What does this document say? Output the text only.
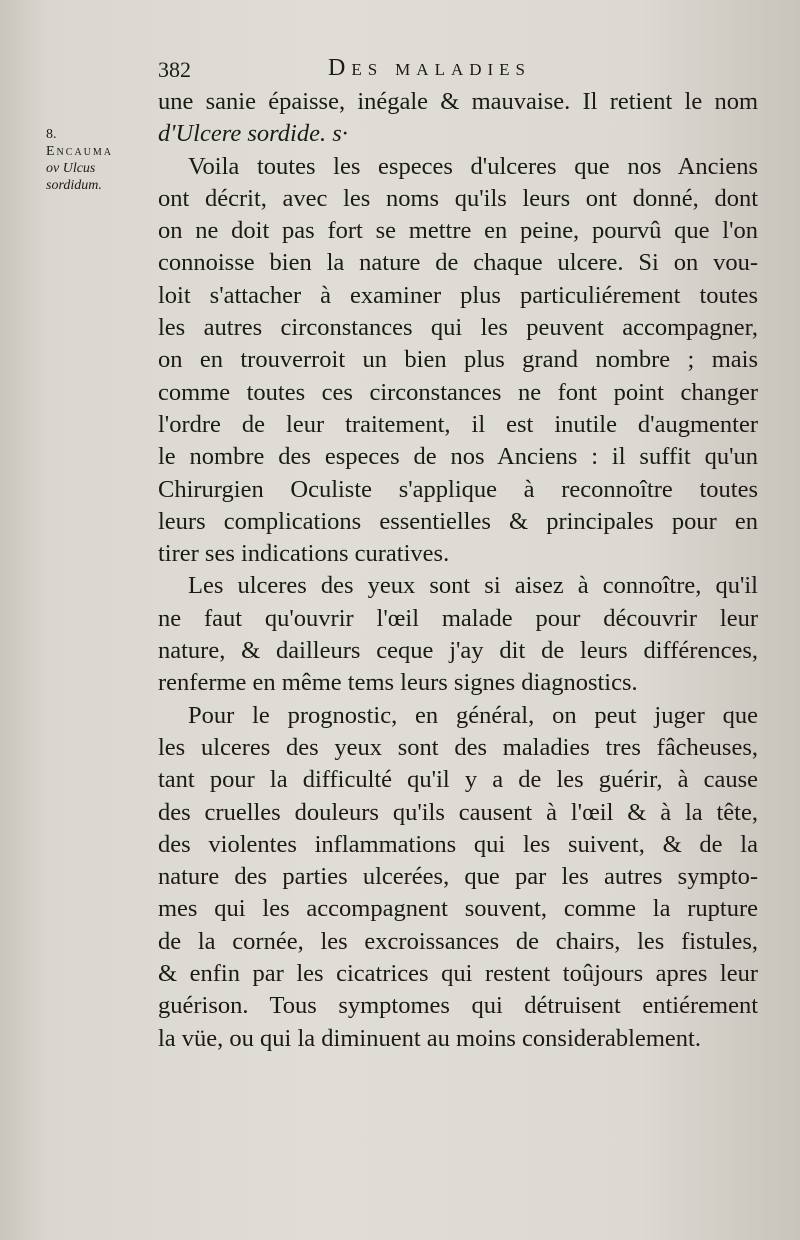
382	Des maladies
8.
Encauma
ov Ulcus
sordidum.
une sanie épaisse, inégale & mauvaise. Il retient le nom
d'Ulcere sordide. s·
Voila toutes les especes d'ulceres que nos Anciens
ont décrit, avec les noms qu'ils leurs ont donné, dont
on ne doit pas fort se mettre en peine, pourvû que l'on
connoisse bien la nature de chaque ulcere. Si on vou-
loit s'attacher à examiner plus particuliérement toutes
les autres circonstances qui les peuvent accompagner,
on en trouverroit un bien plus grand nombre ; mais
comme toutes ces circonstances ne font point changer
l'ordre de leur traitement, il est inutile d'augmenter
le nombre des especes de nos Anciens : il suffit qu'un
Chirurgien Oculiste s'applique à reconnoître toutes
leurs complications essentielles & principales pour en
tirer ses indications curatives.
Les ulceres des yeux sont si aisez à connoître, qu'il
ne faut qu'ouvrir l'œil malade pour découvrir leur
nature, & dailleurs ceque j'ay dit de leurs différences,
renferme en même tems leurs signes diagnostics.
Pour le prognostic, en général, on peut juger que
les ulceres des yeux sont des maladies tres fâcheuses,
tant pour la difficulté qu'il y a de les guérir, à cause
des cruelles douleurs qu'ils causent à l'œil & à la tête,
des violentes inflammations qui les suivent, & de la
nature des parties ulcerées, que par les autres sympto-
mes qui les accompagnent souvent, comme la rupture
de la cornée, les excroissances de chairs, les fistules,
& enfin par les cicatrices qui restent toûjours apres leur
guérison. Tous symptomes qui détruisent entiérement
la vüe, ou qui la diminuent au moins considerablement.
